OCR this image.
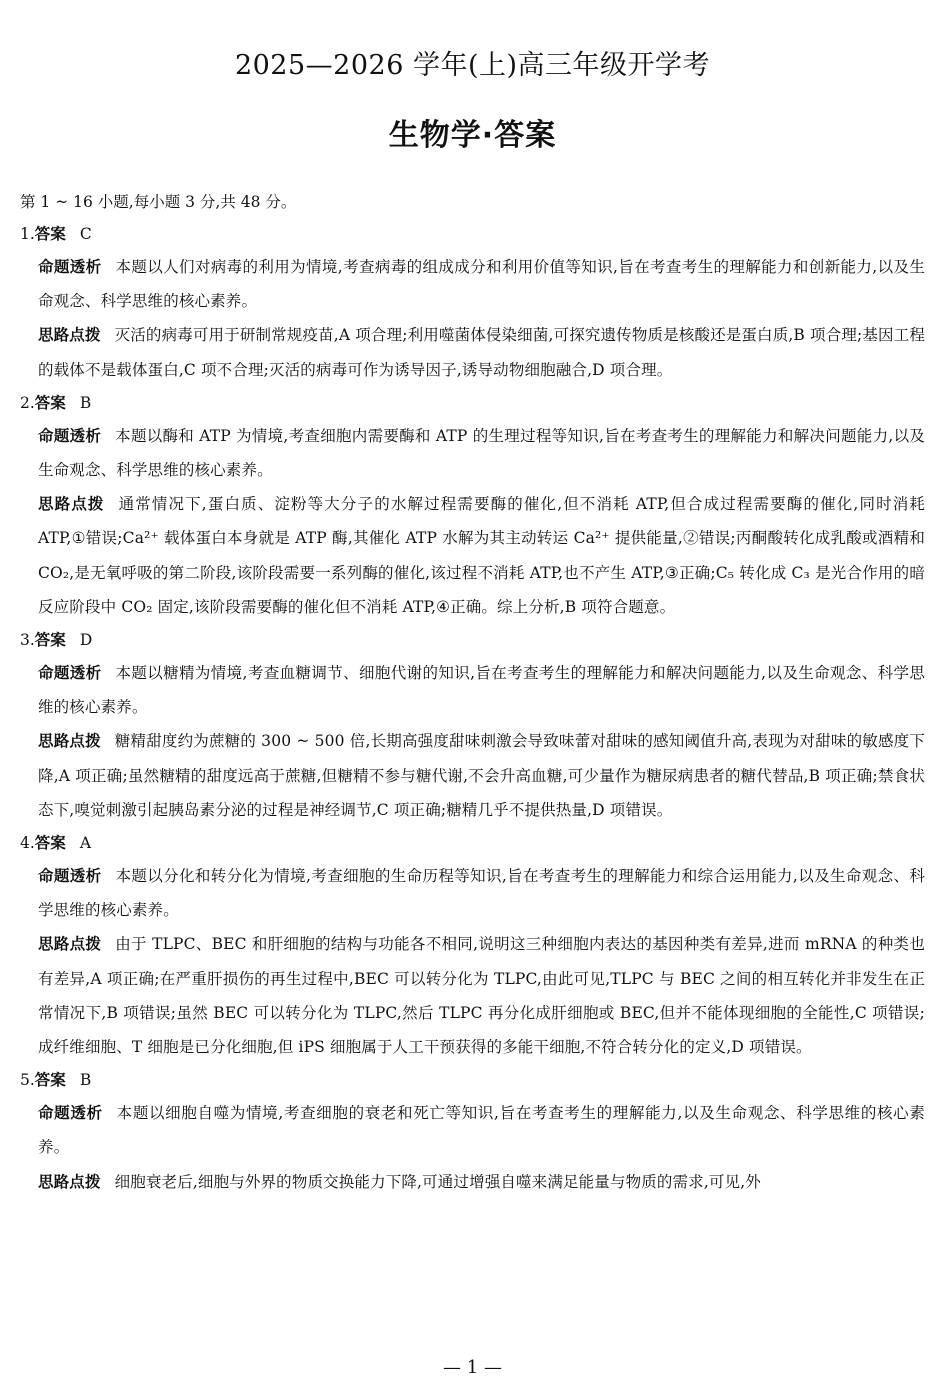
2025—2026 学年(上)高三年级开学考
生物学·答案

第 1 ~ 16 小题,每小题 3 分,共 48 分。

1.答案 C

命题透析 本题以人们对病毒的利用为情境,考查病毒的组成成分和利用价值等知识,旨在考查考生的理解能力和创新能力,以及生命观念、科学思维的核心素养。

思路点拨 灭活的病毒可用于研制常规疫苗,A 项合理;利用噬菌体侵染细菌,可探究遗传物质是核酸还是蛋白质,B 项合理;基因工程的载体不是载体蛋白,C 项不合理;灭活的病毒可作为诱导因子,诱导动物细胞融合,D 项合理。

2.答案 B

命题透析 本题以酶和 ATP 为情境,考查细胞内需要酶和 ATP 的生理过程等知识,旨在考查考生的理解能力和解决问题能力,以及生命观念、科学思维的核心素养。

思路点拨 通常情况下,蛋白质、淀粉等大分子的水解过程需要酶的催化,但不消耗 ATP,但合成过程需要酶的催化,同时消耗 ATP,①错误;Ca²⁺ 载体蛋白本身就是 ATP 酶,其催化 ATP 水解为其主动转运 Ca²⁺ 提供能量,②错误;丙酮酸转化成乳酸或酒精和 CO₂,是无氧呼吸的第二阶段,该阶段需要一系列酶的催化,该过程不消耗 ATP,也不产生 ATP,③正确;C₅ 转化成 C₃ 是光合作用的暗反应阶段中 CO₂ 固定,该阶段需要酶的催化但不消耗 ATP,④正确。综上分析,B 项符合题意。

3.答案 D

命题透析 本题以糖精为情境,考查血糖调节、细胞代谢的知识,旨在考查考生的理解能力和解决问题能力,以及生命观念、科学思维的核心素养。

思路点拨 糖精甜度约为蔗糖的 300 ~ 500 倍,长期高强度甜味刺激会导致味蕾对甜味的感知阈值升高,表现为对甜味的敏感度下降,A 项正确;虽然糖精的甜度远高于蔗糖,但糖精不参与糖代谢,不会升高血糖,可少量作为糖尿病患者的糖代替品,B 项正确;禁食状态下,嗅觉刺激引起胰岛素分泌的过程是神经调节,C 项正确;糖精几乎不提供热量,D 项错误。

4.答案 A

命题透析 本题以分化和转分化为情境,考查细胞的生命历程等知识,旨在考查考生的理解能力和综合运用能力,以及生命观念、科学思维的核心素养。

思路点拨 由于 TLPC、BEC 和肝细胞的结构与功能各不相同,说明这三种细胞内表达的基因种类有差异,进而 mRNA 的种类也有差异,A 项正确;在严重肝损伤的再生过程中,BEC 可以转分化为 TLPC,由此可见,TLPC 与 BEC 之间的相互转化并非发生在正常情况下,B 项错误;虽然 BEC 可以转分化为 TLPC,然后 TLPC 再分化成肝细胞或 BEC,但并不能体现细胞的全能性,C 项错误;成纤维细胞、T 细胞是已分化细胞,但 iPS 细胞属于人工干预获得的多能干细胞,不符合转分化的定义,D 项错误。

5.答案 B

命题透析 本题以细胞自噬为情境,考查细胞的衰老和死亡等知识,旨在考查考生的理解能力,以及生命观念、科学思维的核心素养。

思路点拨 细胞衰老后,细胞与外界的物质交换能力下降,可通过增强自噬来满足能量与物质的需求,可见,外

— 1 —
